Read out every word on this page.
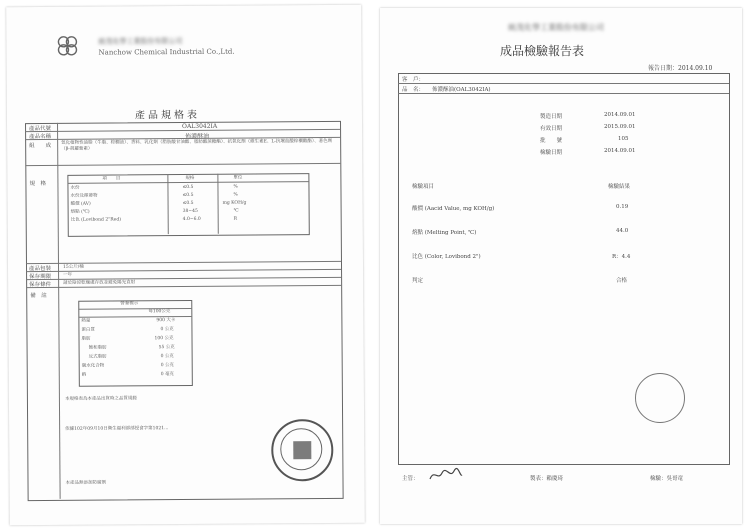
統茂化學工業股份有限公司
Nanchow Chemical Industrial Co.,Ltd.
產品規格表
產品代號	OAL3042IA
產品名稱	佈濃酥油
組　　成
氫化植物性油脂（牛脂、棕櫚油）、香料、乳化劑（脂肪酸甘油酯、脂肪酸蔗糖酯）、抗氧化劑（維生素E、L-抗壞血酸棕櫚酸酯）、著色劑（β-胡蘿蔔素）
規　格
項　　目	規格	單位
水份	≤0.5	%
水份及揮發物	≤0.5	%
酸價 (AV)	≤0.5	mg KOH/g
熔點 (℃)	38~45	℃
比色 (Lovibond 2"Red)	4.0~6.0	R
產品包裝	15公斤/桶
保存期限	一年
保存條件	請於陰涼乾燥處存放並避免陽光直射
備　註
營養標示
每100公克
熱量	900 大卡
蛋白質	0 公克
脂肪	100 公克
飽和脂肪	55 公克
反式脂肪	0 公克
碳水化合物	0 公克
鈉	0 毫克
本規格表為本產品出貨時之品質規範
依據102年09月10日衛生福利部部授食字第1021...
本產品無添加防腐劑
統茂化學工業股份有限公司
成品檢驗報告表
報告日期：2014.09.10
客　戶：
品　名： 佈濃酥油(OAL3042IA)
製造日期	2014.09.01
有效日期	2015.09.01
批　　號	105
檢驗日期	2014.09.01
檢驗項目	檢驗結果
酸價 (Aacid Value, mg KOH/g)	0.19
熔點 (Melting Point, ℃)	44.0
比色 (Color, Lovibond 2")	R：4.4
判定	合格
主管：	製表：賴慶琦	檢驗：吳哥竜
